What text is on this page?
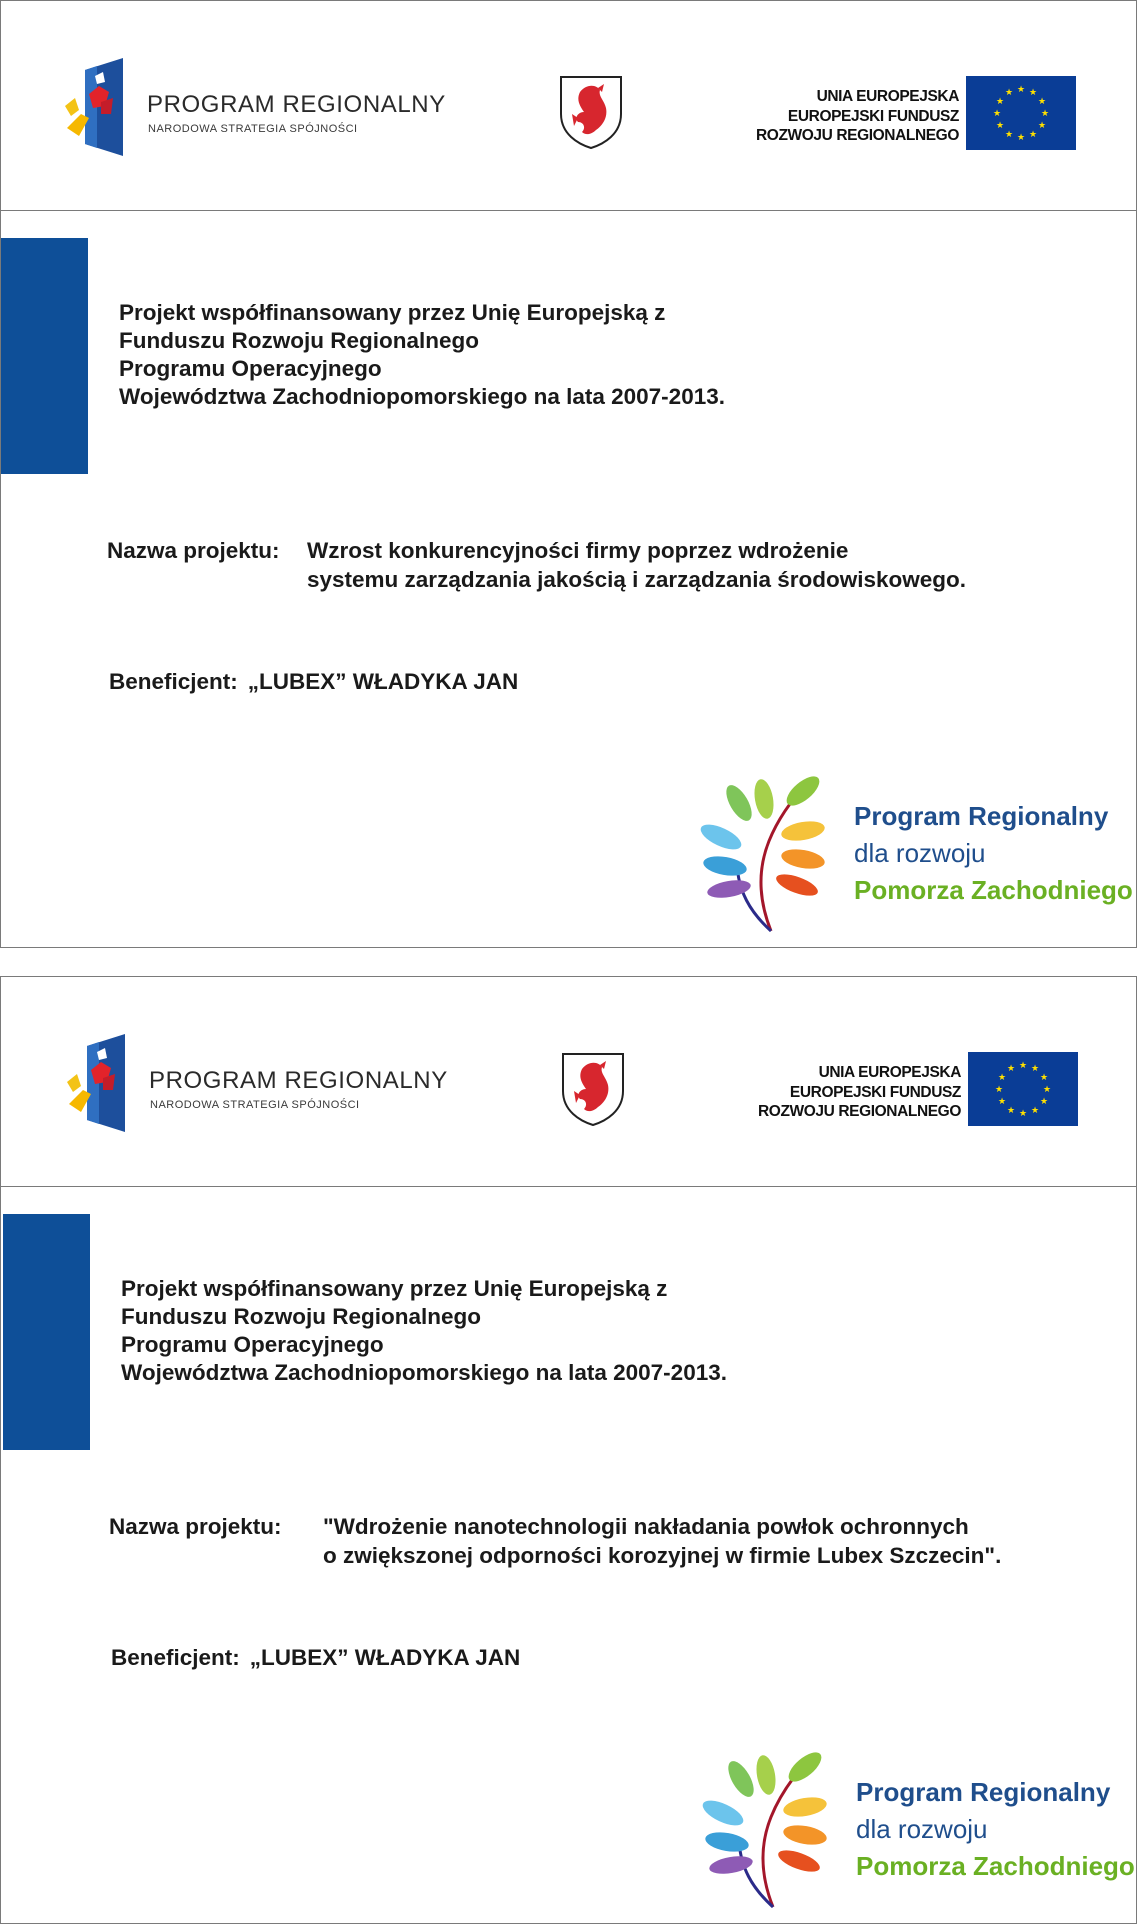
PROGRAM REGIONALNY
NARODOWA STRATEGIA SPÓJNOŚCI
UNIA EUROPEJSKA
EUROPEJSKI FUNDUSZ
ROZWOJU REGIONALNEGO
★ ★
★
★
★
★
★
★
★
★
★
★
Projekt współfinansowany przez Unię Europejską z
Funduszu Rozwoju Regionalnego
Programu Operacyjnego
Województwa Zachodniopomorskiego na lata 2007-2013.
Nazwa projektu: Wzrost konkurencyjności firmy poprzez wdrożenie
systemu zarządzania jakością i zarządzania środowiskowego.
Beneficjent: „LUBEX” WŁADYKA JAN
Program Regionalny
dla rozwoju
Pomorza Zachodniego
PROGRAM REGIONALNY
NARODOWA STRATEGIA SPÓJNOŚCI
UNIA EUROPEJSKA
EUROPEJSKI FUNDUSZ
ROZWOJU REGIONALNEGO
★ ★
★
★
★
★
★
★
★
★
★
★
Projekt współfinansowany przez Unię Europejską z
Funduszu Rozwoju Regionalnego
Programu Operacyjnego
Województwa Zachodniopomorskiego na lata 2007-2013.
Nazwa projektu: "Wdrożenie nanotechnologii nakładania powłok ochronnych
o zwiększonej odporności korozyjnej w firmie Lubex Szczecin".
Beneficjent: „LUBEX” WŁADYKA JAN
Program Regionalny
dla rozwoju
Pomorza Zachodniego
